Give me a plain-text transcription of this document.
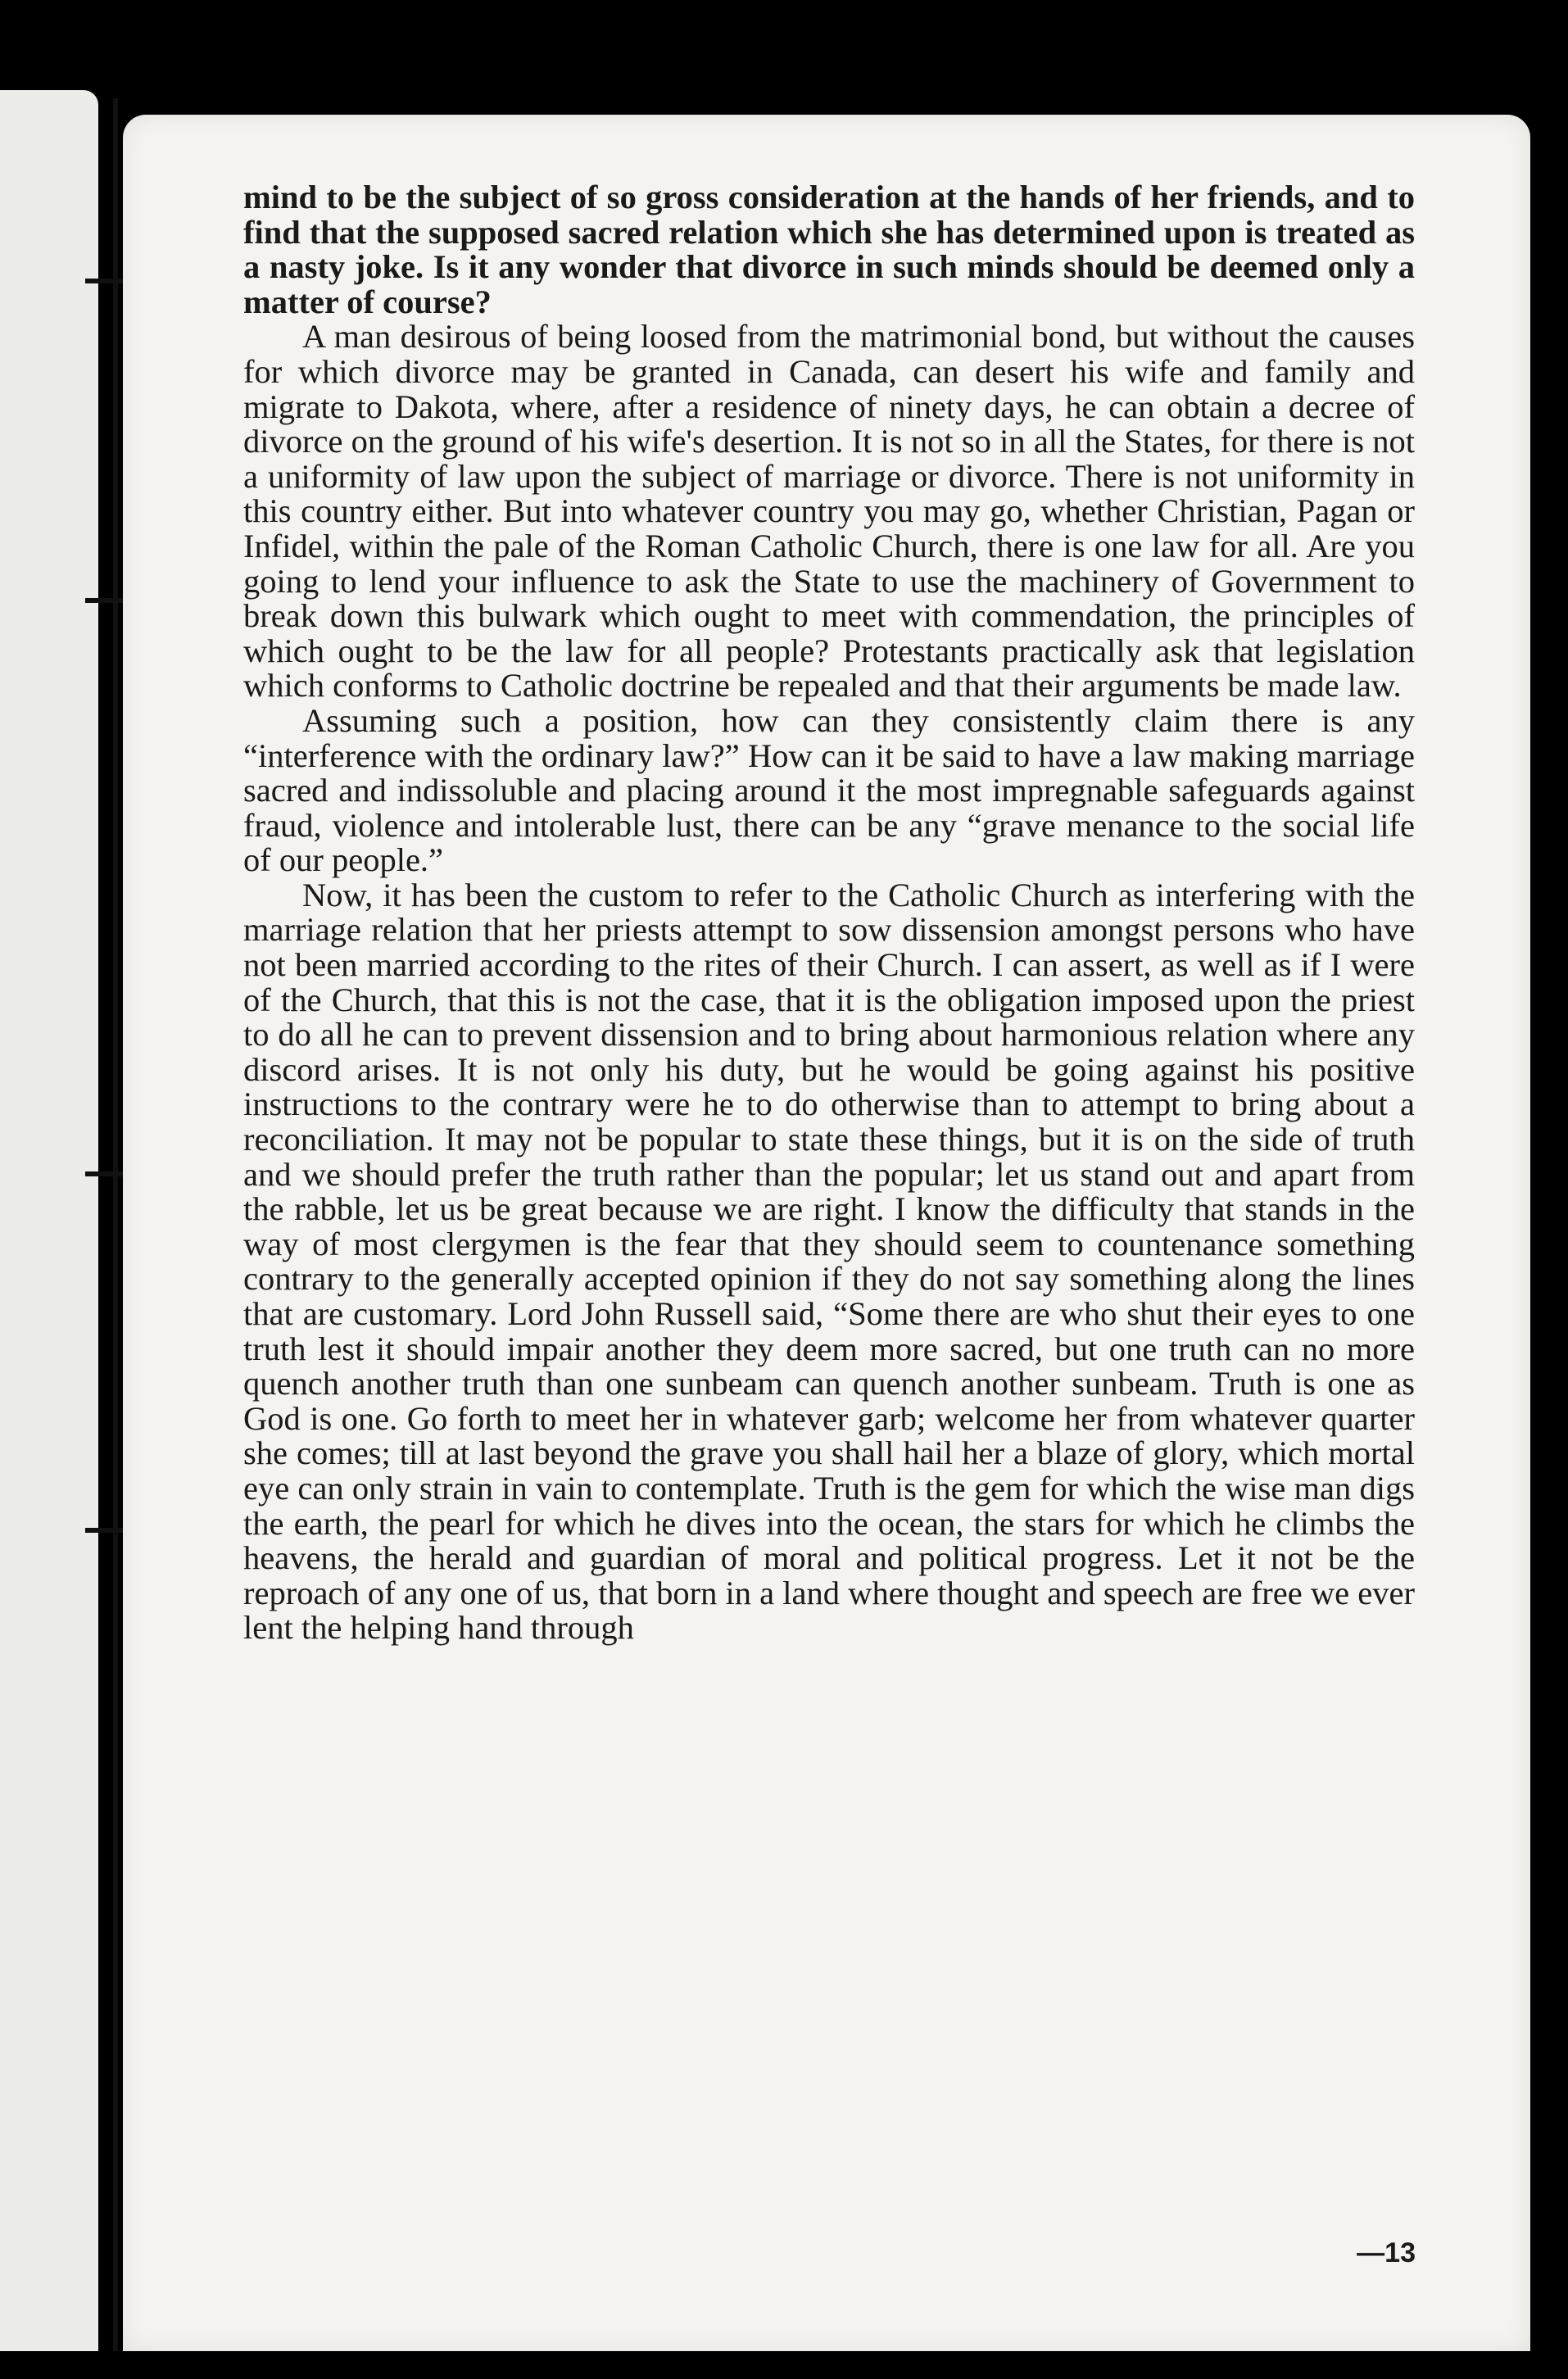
mind to be the subject of so gross consideration at the hands of her friends, and to find that the supposed sacred relation which she has determined upon is treated as a nasty joke. Is it any wonder that divorce in such minds should be deemed only a matter of course?

A man desirous of being loosed from the matrimonial bond, but without the causes for which divorce may be granted in Canada, can desert his wife and family and migrate to Dakota, where, after a residence of ninety days, he can obtain a decree of divorce on the ground of his wife's desertion. It is not so in all the States, for there is not a uniformity of law upon the subject of marriage or divorce. There is not uniformity in this country either. But into whatever country you may go, whether Christian, Pagan or Infidel, within the pale of the Roman Catholic Church, there is one law for all. Are you going to lend your influence to ask the State to use the machinery of Government to break down this bulwark which ought to meet with commendation, the principles of which ought to be the law for all people? Protestants practically ask that legislation which conforms to Catholic doctrine be repealed and that their arguments be made law.

Assuming such a position, how can they consistently claim there is any “interference with the ordinary law?” How can it be said to have a law making marriage sacred and indissoluble and placing around it the most impregnable safeguards against fraud, violence and intolerable lust, there can be any “grave menance to the social life of our people.”

Now, it has been the custom to refer to the Catholic Church as interfering with the marriage relation that her priests attempt to sow dissension amongst persons who have not been married according to the rites of their Church. I can assert, as well as if I were of the Church, that this is not the case, that it is the obligation imposed upon the priest to do all he can to prevent dissension and to bring about harmonious relation where any discord arises. It is not only his duty, but he would be going against his positive instructions to the contrary were he to do otherwise than to attempt to bring about a reconciliation. It may not be popular to state these things, but it is on the side of truth and we should prefer the truth rather than the popular; let us stand out and apart from the rabble, let us be great because we are right. I know the difficulty that stands in the way of most clergymen is the fear that they should seem to countenance something contrary to the generally accepted opinion if they do not say something along the lines that are customary. Lord John Russell said, “Some there are who shut their eyes to one truth lest it should impair another they deem more sacred, but one truth can no more quench another truth than one sunbeam can quench another sunbeam. Truth is one as God is one. Go forth to meet her in whatever garb; welcome her from whatever quarter she comes; till at last beyond the grave you shall hail her a blaze of glory, which mortal eye can only strain in vain to contemplate. Truth is the gem for which the wise man digs the earth, the pearl for which he dives into the ocean, the stars for which he climbs the heavens, the herald and guardian of moral and political progress. Let it not be the reproach of any one of us, that born in a land where thought and speech are free we ever lent the helping hand through

—13
